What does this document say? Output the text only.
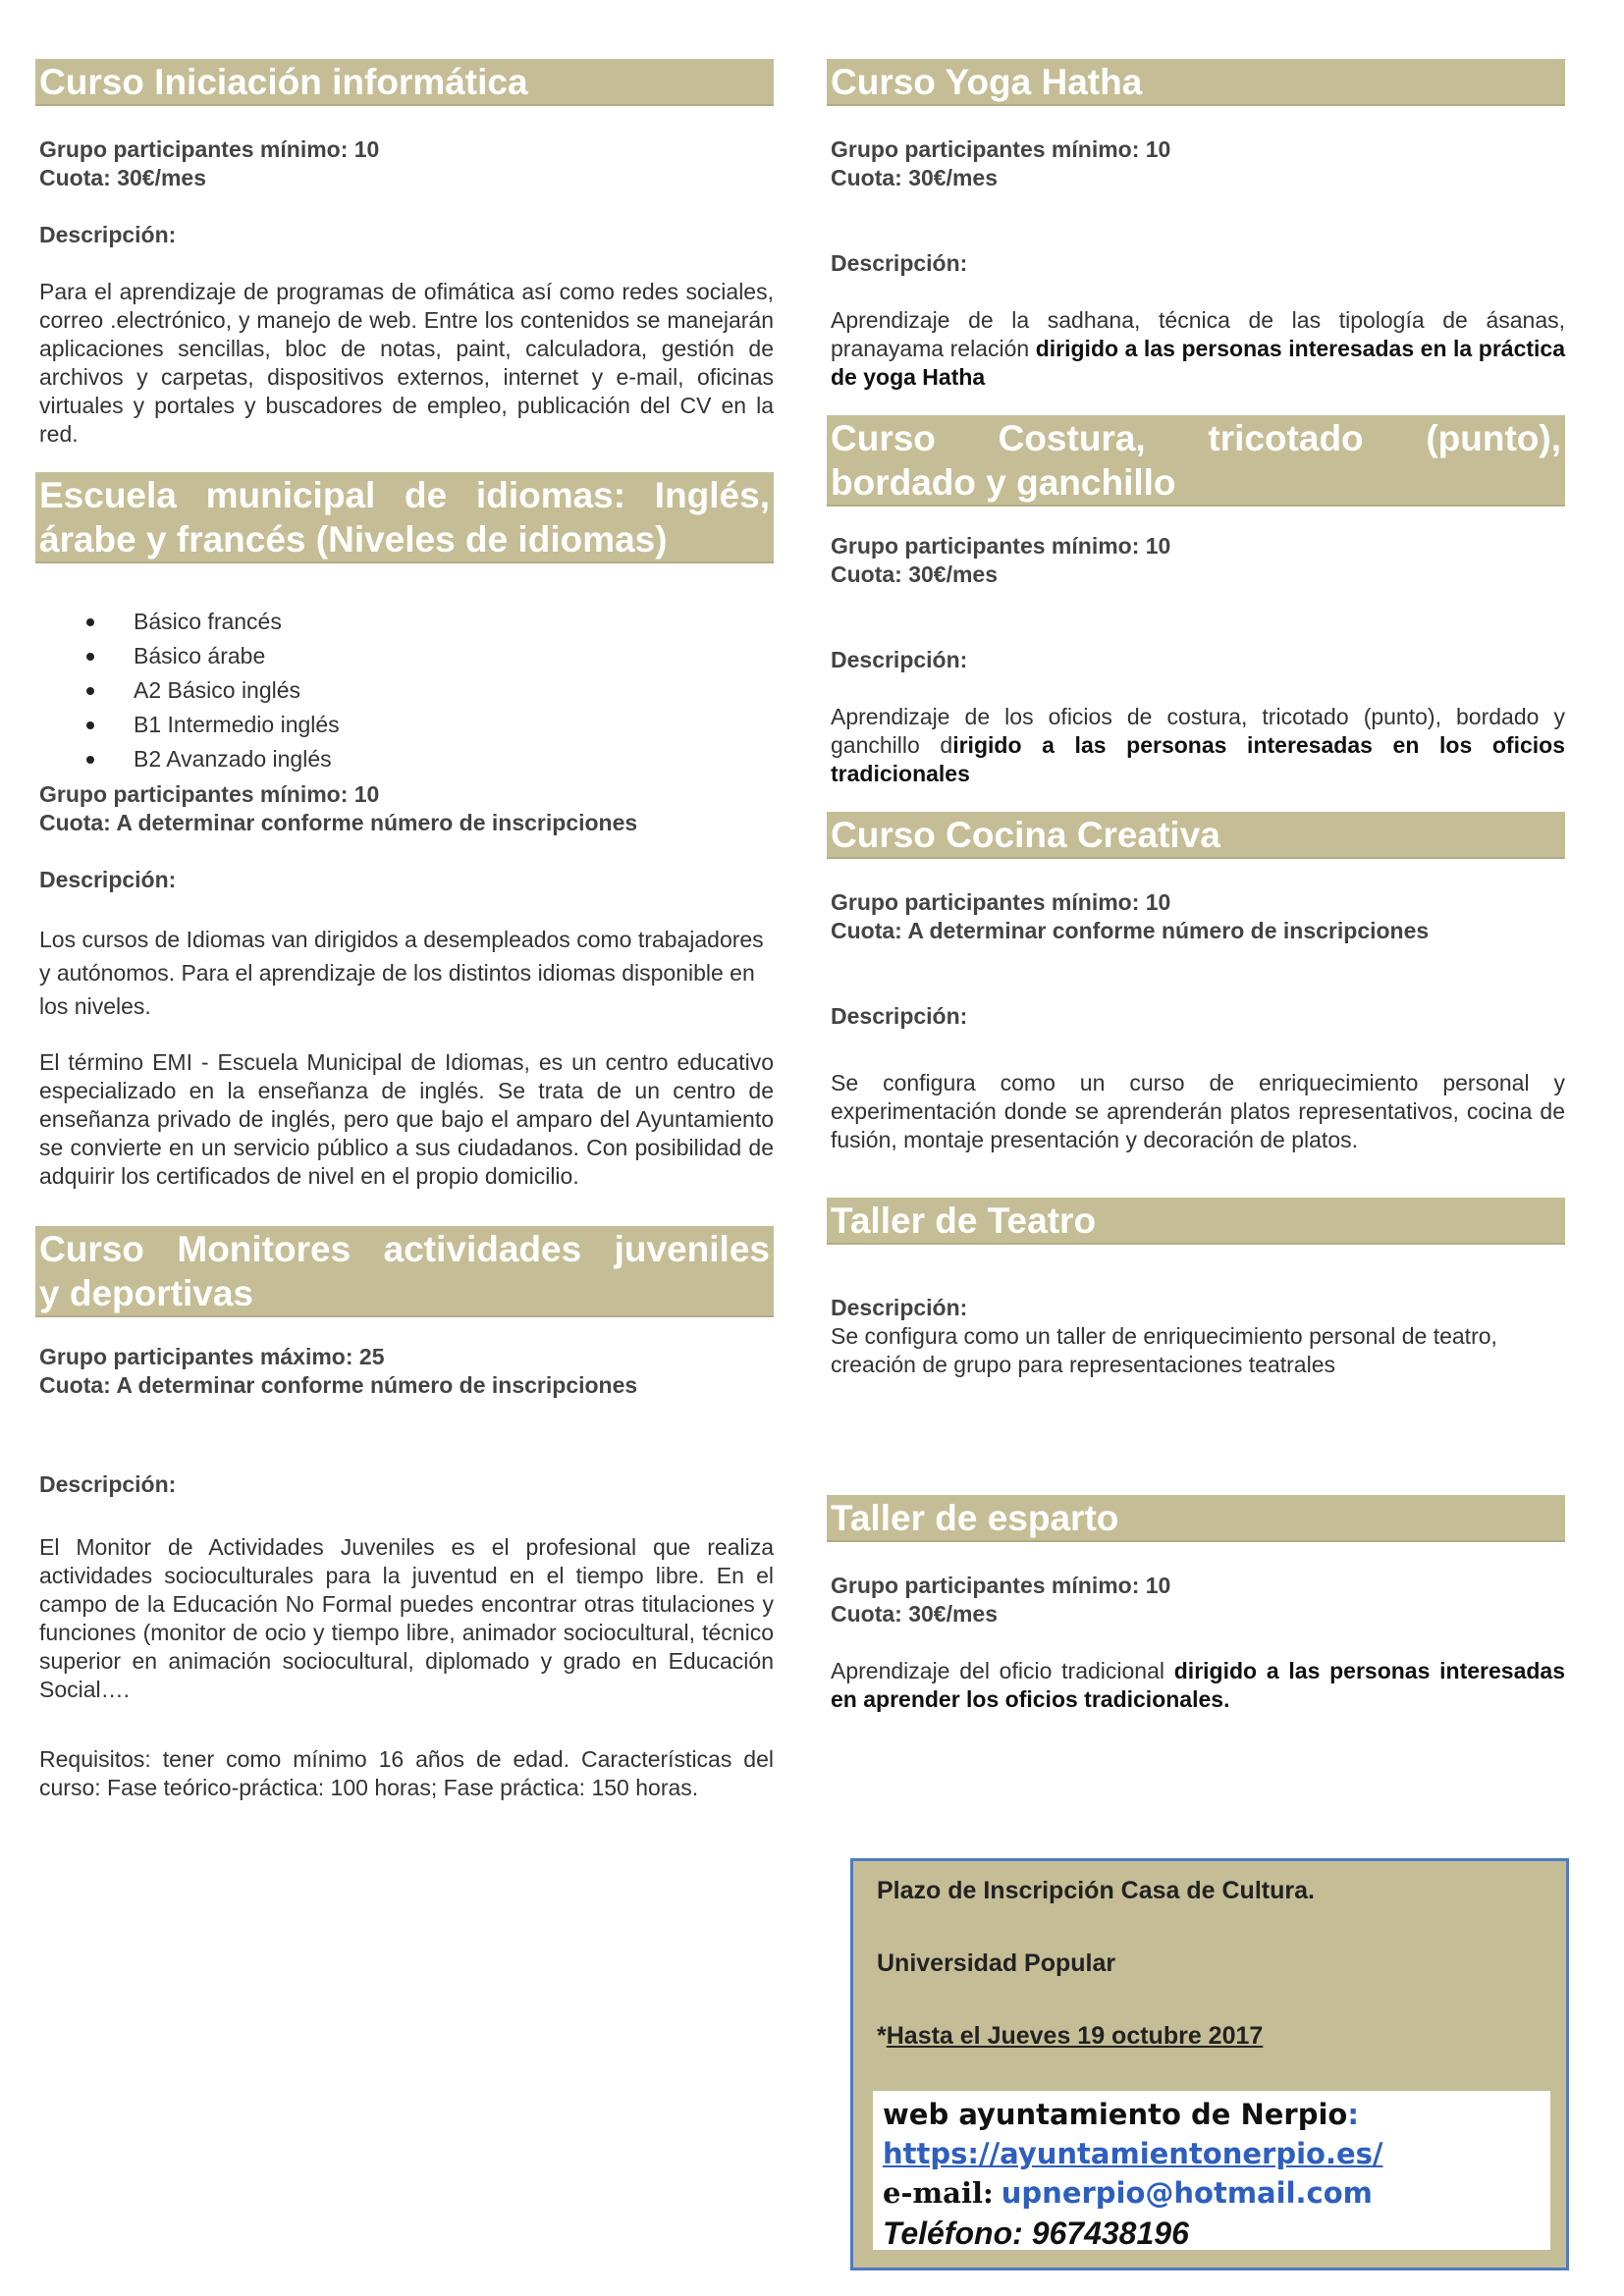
Curso Iniciación informática

Grupo participantes mínimo: 10

Cuota: 30€/mes

Descripción:

Para el aprendizaje de programas de ofimática así como redes sociales, correo .electrónico, y manejo de web. Entre los contenidos se manejarán aplicaciones sencillas, bloc de notas, paint, calculadora, gestión de archivos y carpetas, dispositivos externos, internet y e-mail, oficinas virtuales y portales y buscadores de empleo, publicación del CV en la red.

Escuela municipal de idiomas: Inglés,
árabe y francés (Niveles de idiomas)
Básico francés
Básico árabe
A2 Básico inglés
B1 Intermedio inglés
B2 Avanzado inglés

Grupo participantes mínimo: 10

Cuota: A determinar conforme número de inscripciones

Descripción:

Los cursos de Idiomas van dirigidos a desempleados como trabajadores y autónomos. Para el aprendizaje de los distintos idiomas disponible en los niveles.

El término EMI - Escuela Municipal de Idiomas, es un centro educativo especializado en la enseñanza de inglés. Se trata de un centro de enseñanza privado de inglés, pero que bajo el amparo del Ayuntamiento se convierte en un servicio público a sus ciudadanos. Con posibilidad de adquirir los certificados de nivel en el propio domicilio.

Curso Monitores actividades juveniles
y deportivas

Grupo participantes máximo: 25

Cuota: A determinar conforme número de inscripciones

Descripción:

El Monitor de Actividades Juveniles es el profesional que realiza actividades socioculturales para la juventud en el tiempo libre. En el campo de la Educación No Formal puedes encontrar otras titulaciones y funciones (monitor de ocio y tiempo libre, animador sociocultural, técnico superior en animación sociocultural, diplomado y grado en Educación Social….

Requisitos: tener como mínimo 16 años de edad. Características del curso: Fase teórico-práctica: 100 horas; Fase práctica: 150 horas.

Curso Yoga Hatha

Grupo participantes mínimo: 10

Cuota: 30€/mes

Descripción:

Aprendizaje de la sadhana, técnica de las tipología de ásanas, pranayama relación dirigido a las personas interesadas en la práctica de yoga Hatha

Curso Costura, tricotado (punto),
bordado y ganchillo

Grupo participantes mínimo: 10

Cuota: 30€/mes

Descripción:

Aprendizaje de los oficios de costura, tricotado (punto), bordado y ganchillo dirigido a las personas interesadas en los oficios tradicionales

Curso Cocina Creativa

Grupo participantes mínimo: 10

Cuota: A determinar conforme número de inscripciones

Descripción:

Se configura como un curso de enriquecimiento personal y experimentación donde se aprenderán platos representativos, cocina de fusión, montaje presentación y decoración de platos.

Taller de Teatro

Descripción:

Se configura como un taller de enriquecimiento personal de teatro, creación de grupo para representaciones teatrales

Taller de esparto

Grupo participantes mínimo: 10

Cuota: 30€/mes

Aprendizaje del oficio tradicional dirigido a las personas interesadas en aprender los oficios tradicionales.

Plazo de Inscripción Casa de Cultura.

Universidad Popular

*Hasta el Jueves 19 octubre 2017

web ayuntamiento de Nerpio:

https://ayuntamientonerpio.es/

e-mail: upnerpio@hotmail.com

Teléfono: 967438196
